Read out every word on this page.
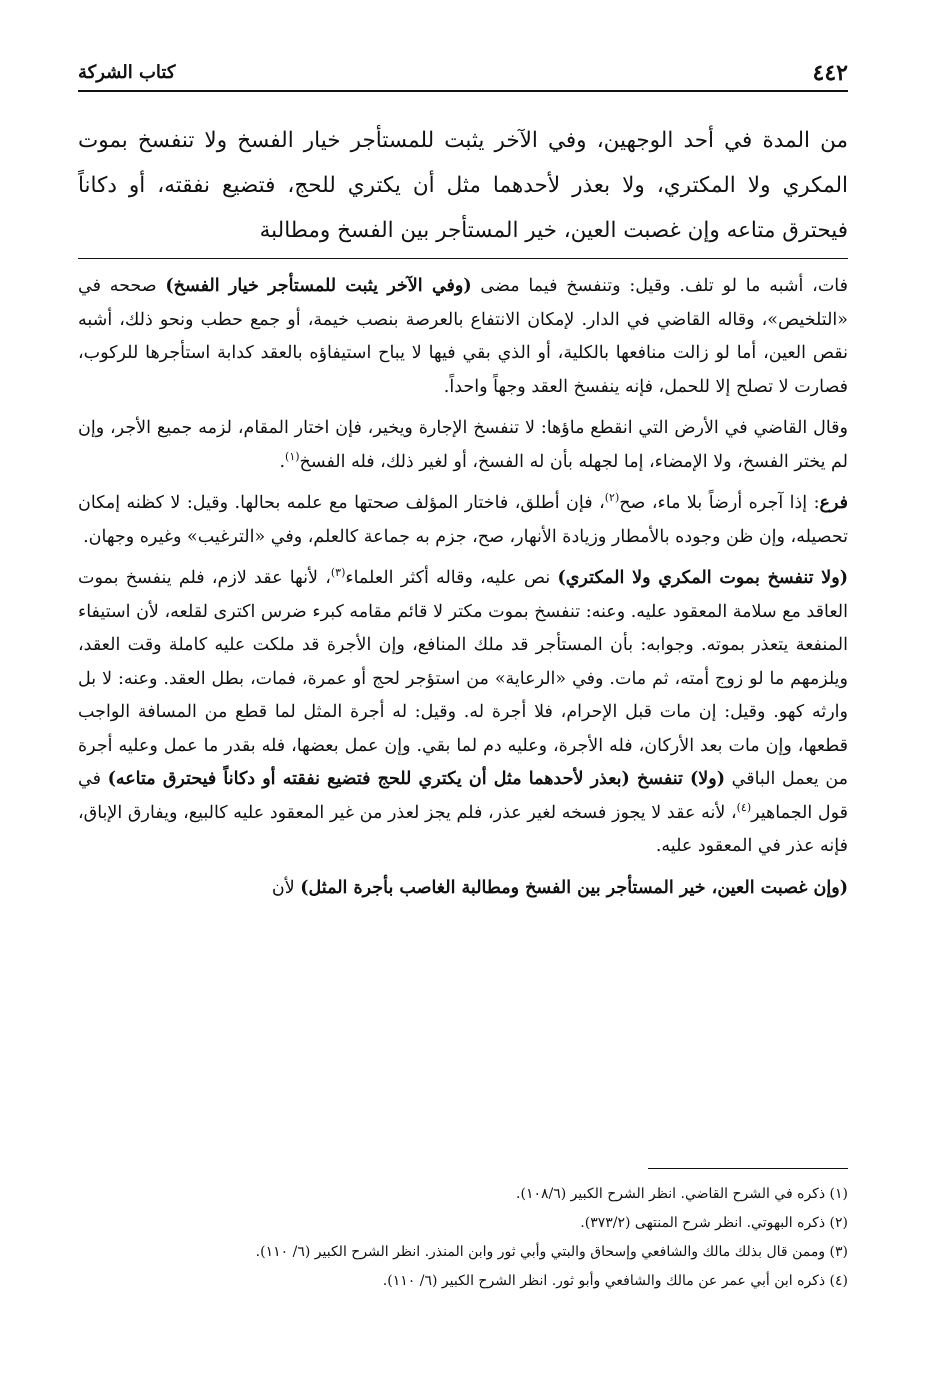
٤٤٢
كتاب الشركة
من المدة في أحد الوجهين، وفي الآخر يثبت للمستأجر خيار الفسخ ولا تنفسخ بموت المكري ولا المكتري، ولا بعذر لأحدهما مثل أن يكتري للحج، فتضيع نفقته، أو دكاناً فيحترق متاعه وإن غصبت العين، خير المستأجر بين الفسخ ومطالبة

فات، أشبه ما لو تلف. وقيل: وتنفسخ فيما مضى (وفي الآخر يثبت للمستأجر خيار الفسخ) صححه في «التلخيص»، وقاله القاضي في الدار. لإمكان الانتفاع بالعرصة بنصب خيمة، أو جمع حطب ونحو ذلك، أشبه نقص العين، أما لو زالت منافعها بالكلية، أو الذي بقي فيها لا يباح استيفاؤه بالعقد كدابة استأجرها للركوب، فصارت لا تصلح إلا للحمل، فإنه ينفسخ العقد وجهاً واحداً.

وقال القاضي في الأرض التي انقطع ماؤها: لا تنفسخ الإجارة ويخير، فإن اختار المقام، لزمه جميع الأجر، وإن لم يختر الفسخ، ولا الإمضاء، إما لجهله بأن له الفسخ، أو لغير ذلك، فله الفسخ$^{(١)}$.

فرع: إذا آجره أرضاً بلا ماء، صح$^{(٢)}$، فإن أطلق، فاختار المؤلف صحتها مع علمه بحالها. وقيل: لا كظنه إمكان تحصيله، وإن ظن وجوده بالأمطار وزيادة الأنهار، صح، جزم به جماعة كالعلم، وفي «الترغيب» وغيره وجهان.

(ولا تنفسخ بموت المكري ولا المكتري) نص عليه، وقاله أكثر العلماء$^{(٣)}$، لأنها عقد لازم، فلم ينفسخ بموت العاقد مع سلامة المعقود عليه. وعنه: تنفسخ بموت مكتر لا قائم مقامه كبرء ضرس اكترى لقلعه، لأن استيفاء المنفعة يتعذر بموته. وجوابه: بأن المستأجر قد ملك المنافع، وإن الأجرة قد ملكت عليه كاملة وقت العقد، ويلزمهم ما لو زوج أمته، ثم مات. وفي «الرعاية» من استؤجر لحج أو عمرة، فمات، بطل العقد. وعنه: لا بل وارثه كهو. وقيل: إن مات قبل الإحرام، فلا أجرة له. وقيل: له أجرة المثل لما قطع من المسافة الواجب قطعها، وإن مات بعد الأركان، فله الأجرة، وعليه دم لما بقي. وإن عمل بعضها، فله بقدر ما عمل وعليه أجرة من يعمل الباقي (ولا) تنفسخ (بعذر لأحدهما مثل أن يكتري للحج فتضيع نفقته أو دكاناً فيحترق متاعه) في قول الجماهير$^{(٤)}$، لأنه عقد لا يجوز فسخه لغير عذر، فلم يجز لعذر من غير المعقود عليه كالبيع، ويفارق الإباق، فإنه عذر في المعقود عليه.

(وإن غصبت العين، خير المستأجر بين الفسخ ومطالبة الغاصب بأجرة المثل) لأن

(١) ذكره في الشرح القاضي. انظر الشرح الكبير (١٠٨/٦).
(٢) ذكره البهوتي. انظر شرح المنتهى (٣٧٣/٢).
(٣) وممن قال بذلك مالك والشافعي وإسحاق والبتي وأبي ثور وابن المنذر. انظر الشرح الكبير (٦/ ١١٠).
(٤) ذكره ابن أبي عمر عن مالك والشافعي وأبو ثور. انظر الشرح الكبير (٦/ ١١٠).
